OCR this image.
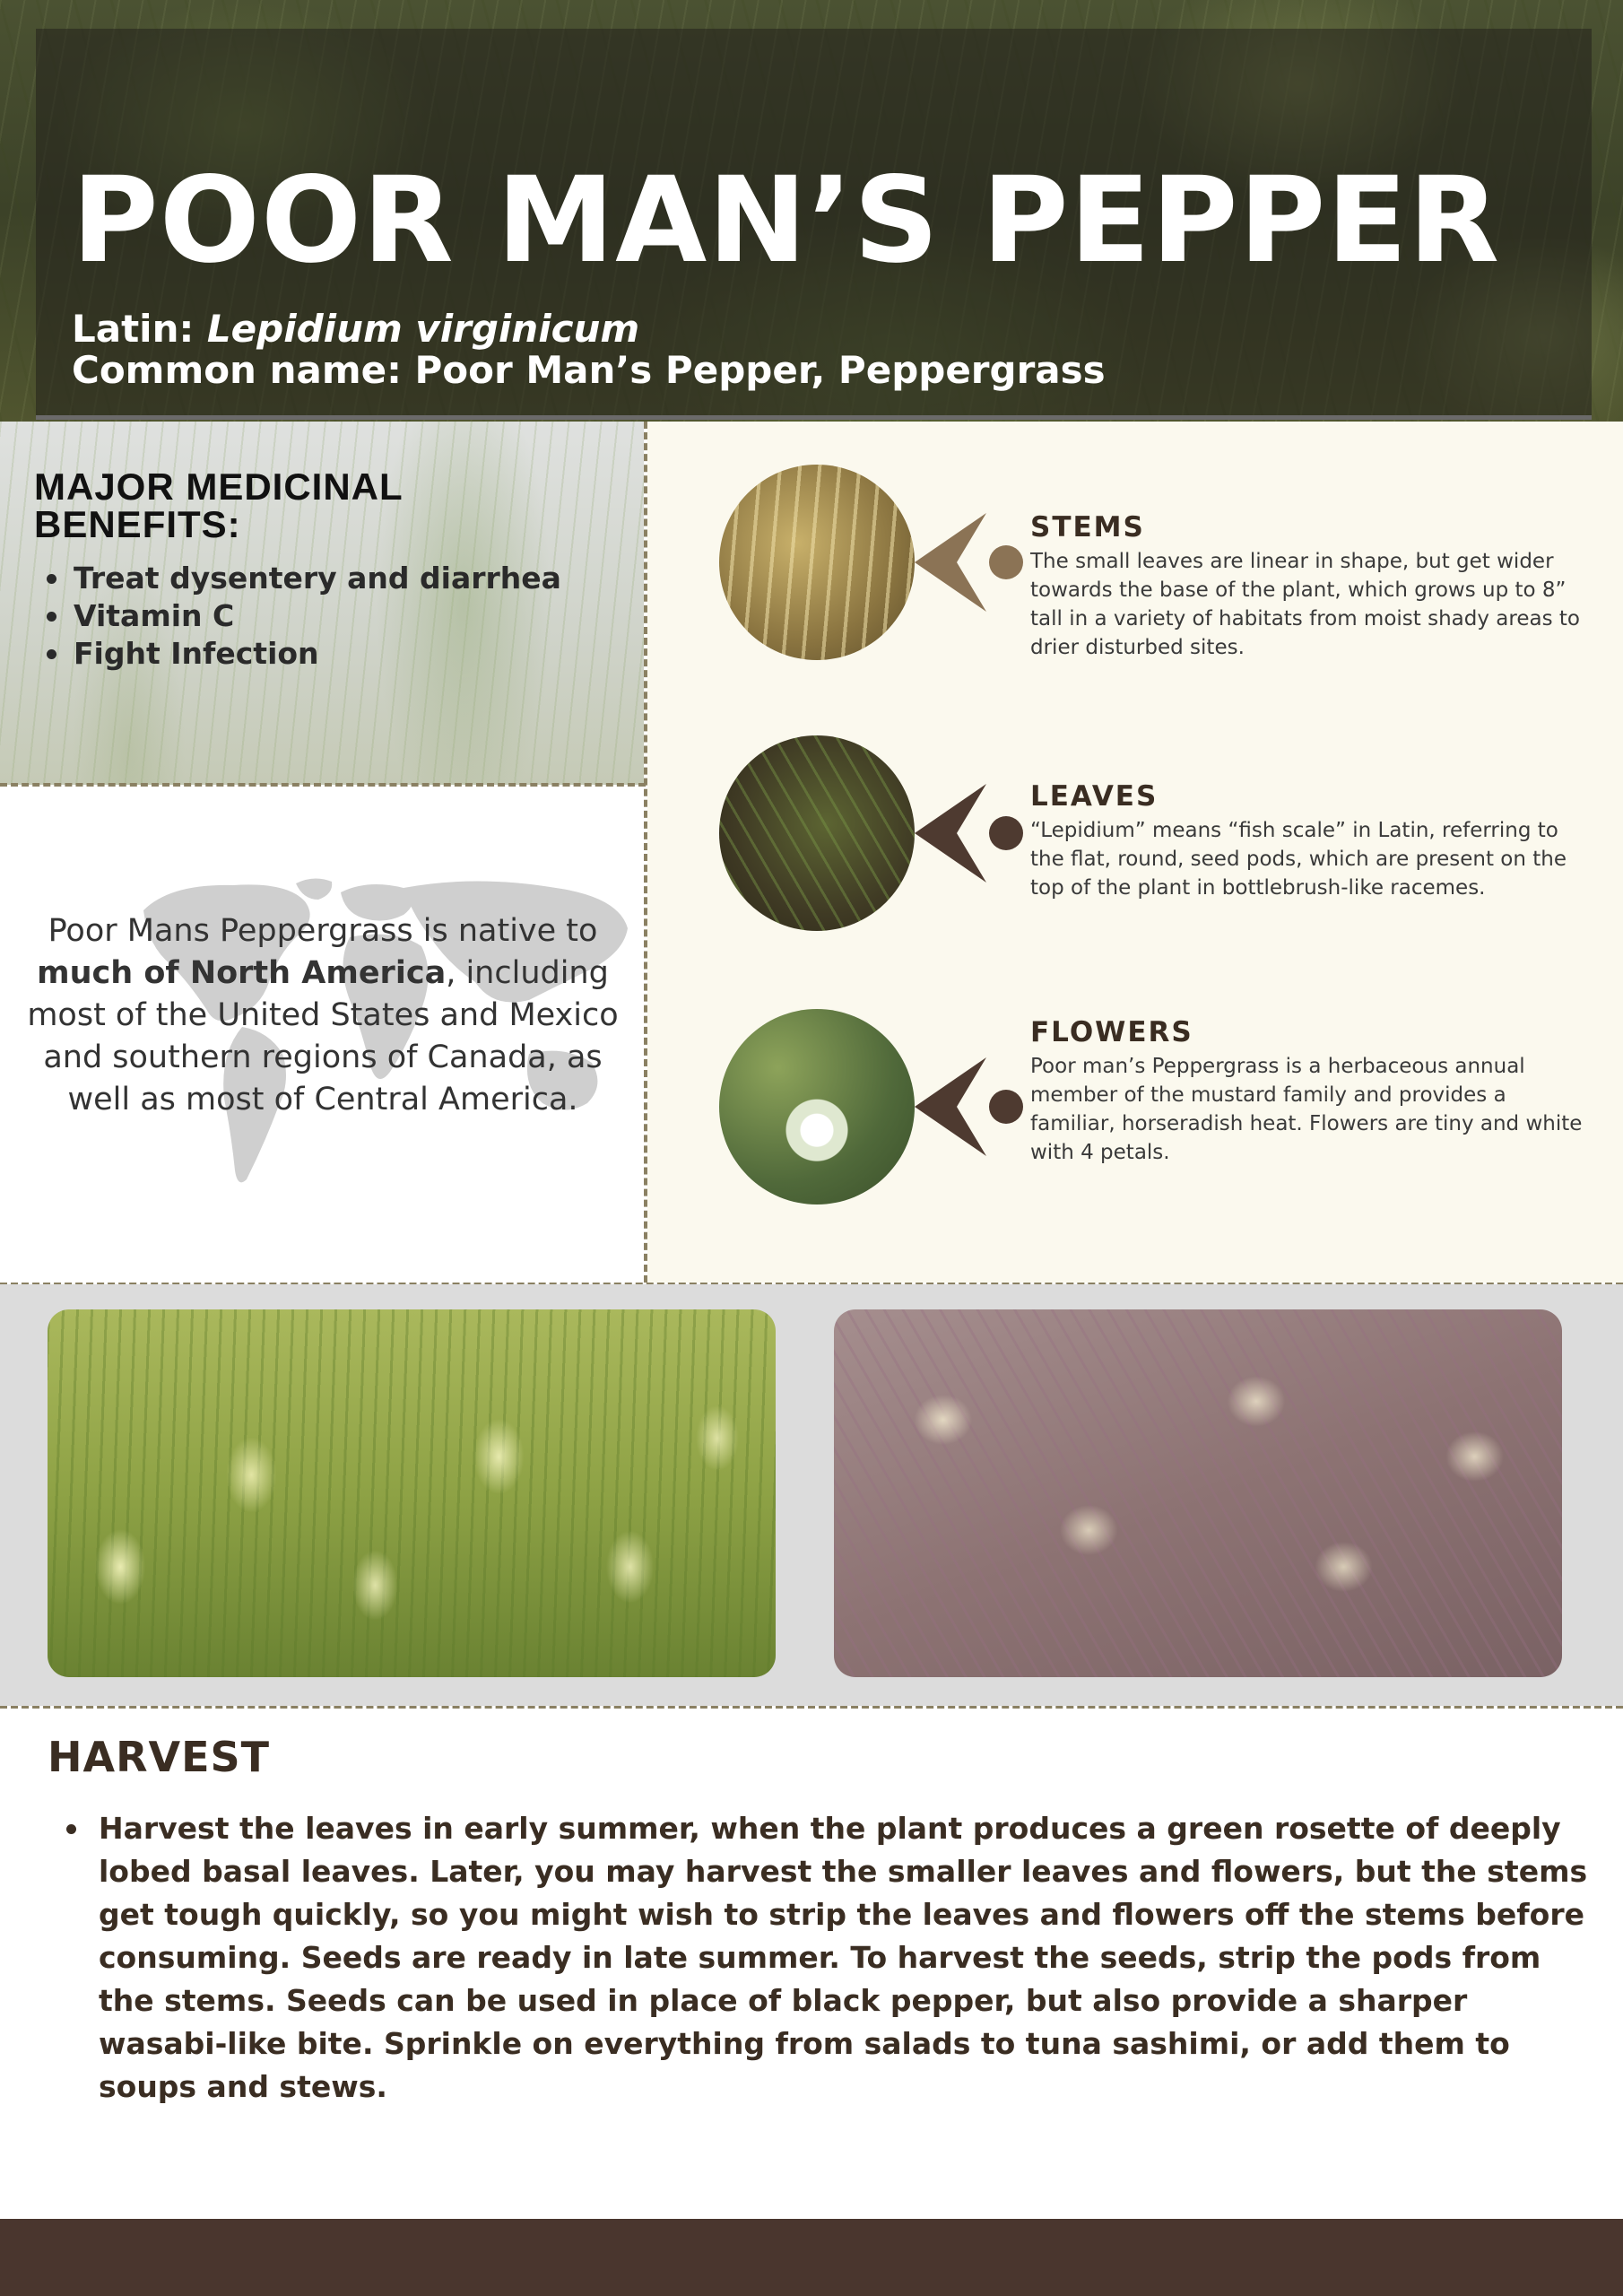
POOR MAN’S PEPPER
Latin: Lepidium virginicum
Common name: Poor Man’s Pepper, Peppergrass
MAJOR MEDICINAL BENEFITS:
Treat dysentery and diarrhea
Vitamin C
Fight Infection
Poor Mans Peppergrass is native to much of North America, including most of the United States and Mexico and southern regions of Canada, as well as most of Central America.
STEMS
The small leaves are linear in shape, but get wider towards the base of the plant, which grows up to 8” tall in a variety of habitats from moist shady areas to drier disturbed sites.
LEAVES
“Lepidium” means “fish scale” in Latin, referring to the flat, round, seed pods, which are present on the top of the plant in bottlebrush-like racemes.
FLOWERS
Poor man’s Peppergrass is a herbaceous annual member of the mustard family and provides a familiar, horseradish heat. Flowers are tiny and white with 4 petals.
HARVEST
Harvest the leaves in early summer, when the plant produces a green rosette of deeply lobed basal leaves. Later, you may harvest the smaller leaves and flowers, but the stems get tough quickly, so you might wish to strip the leaves and flowers off the stems before consuming. Seeds are ready in late summer. To harvest the seeds, strip the pods from the stems. Seeds can be used in place of black pepper, but also provide a sharper wasabi-like bite. Sprinkle on everything from salads to tuna sashimi, or add them to soups and stews.
